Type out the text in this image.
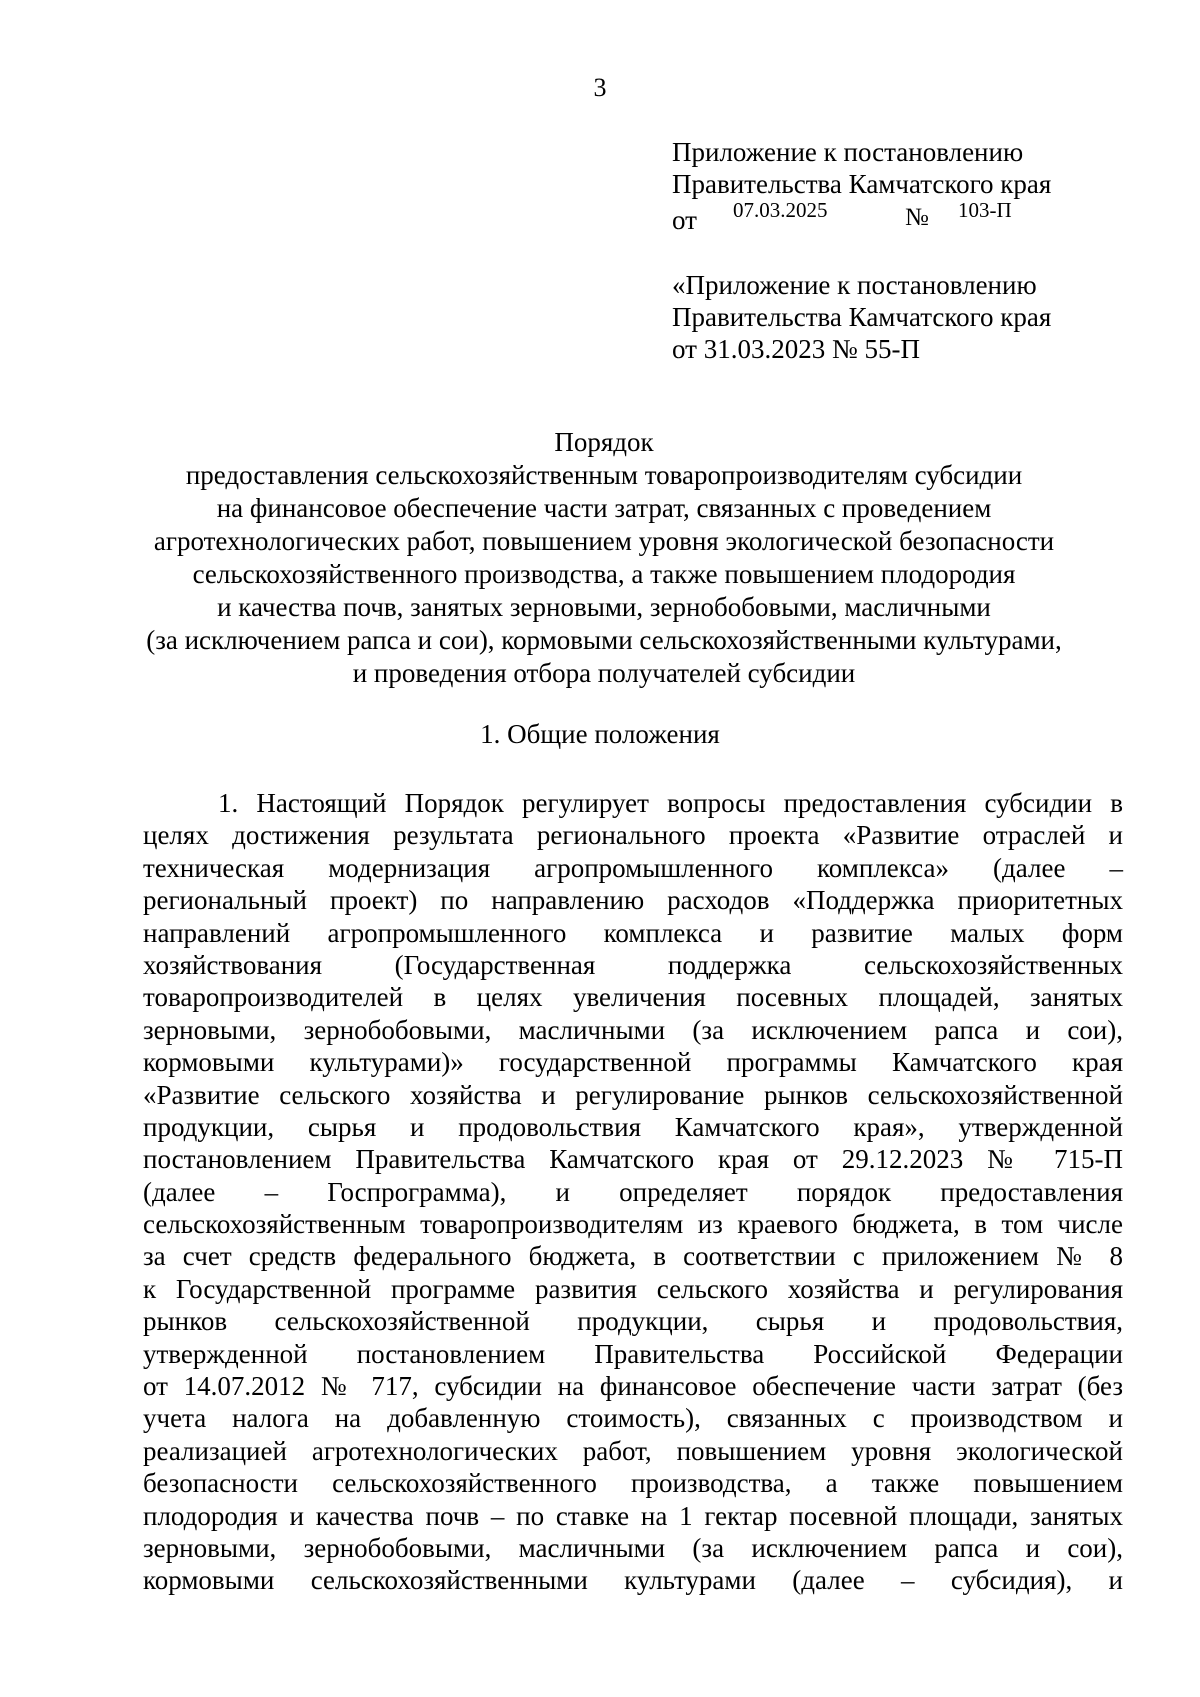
3
Приложение к постановлению
Правительства Камчатского края
от 07.03.2025	№ 103-П
«Приложение к постановлению
Правительства Камчатского края
от 31.03.2023 № 55-П
Порядок
предоставления сельскохозяйственным товаропроизводителям субсидии
на финансовое обеспечение части затрат, связанных с проведением
агротехнологических работ, повышением уровня экологической безопасности
сельскохозяйственного производства, а также повышением плодородия
и качества почв, занятых зерновыми, зернобобовыми, масличными
(за исключением рапса и сои), кормовыми сельскохозяйственными культурами,
и проведения отбора получателей субсидии
1. Общие положения
1. Настоящий Порядок регулирует вопросы предоставления субсидии в
целях достижения результата регионального проекта «Развитие отраслей и
техническая модернизация агропромышленного комплекса» (далее –
региональный проект) по направлению расходов «Поддержка приоритетных
направлений агропромышленного комплекса и развитие малых форм
хозяйствования (Государственная поддержка сельскохозяйственных
товаропроизводителей в целях увеличения посевных площадей, занятых
зерновыми, зернобобовыми, масличными (за исключением рапса и сои),
кормовыми культурами)» государственной программы Камчатского края
«Развитие сельского хозяйства и регулирование рынков сельскохозяйственной
продукции, сырья и продовольствия Камчатского края», утвержденной
постановлением Правительства Камчатского края от 29.12.2023 № 715-П
(далее – Госпрограмма), и определяет порядок предоставления
сельскохозяйственным товаропроизводителям из краевого бюджета, в том числе
за счет средств федерального бюджета, в соответствии с приложением № 8
к Государственной программе развития сельского хозяйства и регулирования
рынков сельскохозяйственной продукции, сырья и продовольствия,
утвержденной постановлением Правительства Российской Федерации
от 14.07.2012 № 717, субсидии на финансовое обеспечение части затрат (без
учета налога на добавленную стоимость), связанных с производством и
реализацией агротехнологических работ, повышением уровня экологической
безопасности сельскохозяйственного производства, а также повышением
плодородия и качества почв – по ставке на 1 гектар посевной площади, занятых
зерновыми, зернобобовыми, масличными (за исключением рапса и сои),
кормовыми сельскохозяйственными культурами (далее – субсидия), и
